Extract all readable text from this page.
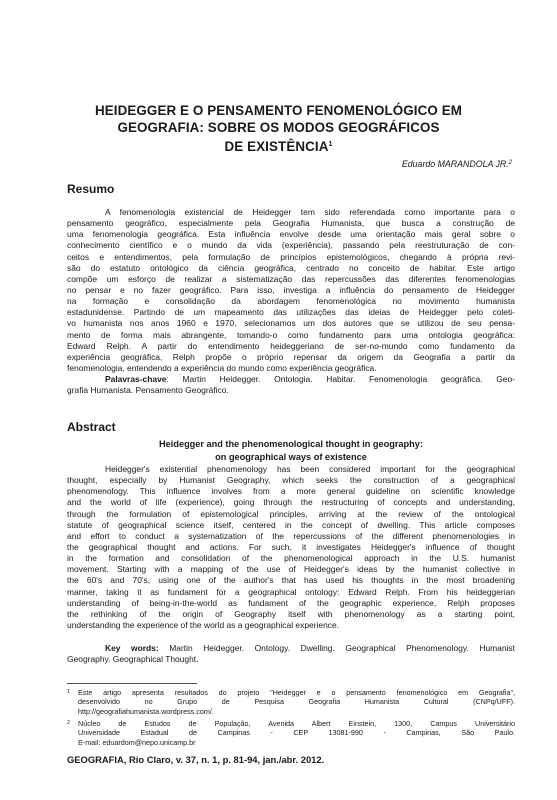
HEIDEGGER E O PENSAMENTO FENOMENOLÓGICO EM
GEOGRAFIA: SOBRE OS MODOS GEOGRÁFICOS
DE EXISTÊNCIA$^1$
Eduardo MARANDOLA JR.$^2$
Resumo
A fenomenologia existencial de Heidegger tem sido referendada como importante para o
pensamento geográfico, especialmente pela Geografia Humanista, que busca a construção de
uma fenomenologia geográfica. Esta influência envolve desde uma orientação mais geral sobre o
conhecimento científico e o mundo da vida (experiência), passando pela reestruturação de con-
ceitos e entendimentos, pela formulação de princípios epistemológicos, chegando à própria revi-
são do estatuto ontológico da ciência geográfica, centrado no conceito de habitar. Este artigo
compõe um esforço de realizar a sistematização das repercussões das diferentes fenomenologias
no pensar e no fazer geográfico. Para isso, investiga a influência do pensamento de Heidegger
na formação e consolidação da abordagem fenomenológica no movimento humanista
estadunidense. Partindo de um mapeamento das utilizações das ideias de Heidegger pelo coleti-
vo humanista nos anos 1960 e 1970, selecionamos um dos autores que se utilizou de seu pensa-
mento de forma mais abrangente, tomando-o como fundamento para uma ontologia geográfica:
Edward Relph. A partir do entendimento heideggeriano de ser-no-mundo como fundamento da
experiência geográfica, Relph propõe o próprio repensar da origem da Geografia a partir da
fenomenologia, entendendo a experiência do mundo como experiência geográfica.
Palavras-chave: Martin Heidegger. Ontologia. Habitar. Fenomenologia geográfica. Geo-
grafia Humanista. Pensamento Geográfico.
Abstract
Heidegger and the phenomenological thought in geography:
on geographical ways of existence
Heidegger's existential phenomenology has been considered important for the geographical
thought, especially by Humanist Geography, which seeks the construction of a geographical
phenomenology. This influence involves from a more general guideline on scientific knowledge
and the world of life (experience), going through the restructuring of concepts and understanding,
through the formulation of epistemological principles, arriving at the review of the ontological
statute of geographical science itself, centered in the concept of dwelling. This article composes
and effort to conduct a systematization of the repercussions of the different phenomenologies in
the geographical thought and actions. For such, it investigates Heidegger's influence of thought
in the formation and consolidation of the phenomenological approach in the U.S. humanist
movement. Starting with a mapping of the use of Heidegger's ideas by the humanist collective in
the 60's and 70's, using one of the author's that has used his thoughts in the most broadening
manner, taking it as fundament for a geographical ontology: Edward Relph. From his heideggerian
understanding of being-in-the-world as fundament of the geographic experience, Relph proposes
the rethinking of the origin of Geography itself with phenomenology as a starting point,
understanding the experience of the world as a geographical experience.
Key words: Martin Heidegger. Ontology. Dwelling. Geographical Phenomenology. Humanist
Geography. Geographical Thought.
1 Este artigo apresenta resultados do projeto "Heidegger e o pensamento fenomenológico em Geografia",
desenvolvido no Grupo de Pesquisa Geografia Humanista Cultural (CNPq/UFF).
http://geografiahumanista.wordpress.com/.
2 Núcleo de Estudos de População, Avenida Albert Einstein, 1300, Campus Universitário
Universidade Estadual de Campinas - CEP 13081-990 - Campinas, São Paulo.
E-mail: eduardom@nepo.unicamp.br
GEOGRAFIA, Rio Claro, v. 37, n. 1, p. 81-94, jan./abr. 2012.
